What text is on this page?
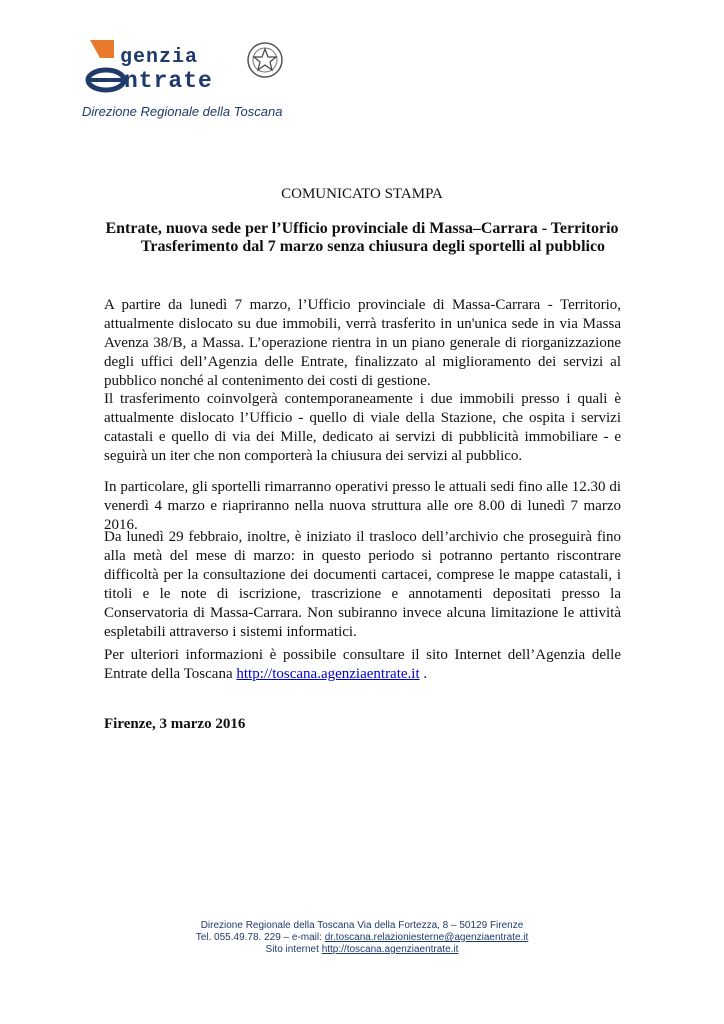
genzia
ntrate
Direzione Regionale della Toscana
COMUNICATO STAMPA
Entrate, nuova sede per l’Ufficio provinciale di Massa–Carrara - Territorio
Trasferimento dal 7 marzo senza chiusura degli sportelli al pubblico
A partire da lunedì 7 marzo, l’Ufficio provinciale di Massa-Carrara - Territorio, attualmente dislocato su due immobili, verrà trasferito in un'unica sede in via Massa Avenza 38/B, a Massa. L’operazione rientra in un piano generale di riorganizzazione degli uffici dell’Agenzia delle Entrate, finalizzato al miglioramento dei servizi al pubblico nonché al contenimento dei costi di gestione.
Il trasferimento coinvolgerà contemporaneamente i due immobili presso i quali è attualmente dislocato l’Ufficio - quello di viale della Stazione, che ospita i servizi catastali e quello di via dei Mille, dedicato ai servizi di pubblicità immobiliare - e seguirà un iter che non comporterà la chiusura dei servizi al pubblico.
In particolare, gli sportelli rimarranno operativi presso le attuali sedi fino alle 12.30 di venerdì 4 marzo e riapriranno nella nuova struttura alle ore 8.00 di lunedì 7 marzo 2016.
Da lunedì 29 febbraio, inoltre, è iniziato il trasloco dell’archivio che proseguirà fino alla metà del mese di marzo: in questo periodo si potranno pertanto riscontrare difficoltà per la consultazione dei documenti cartacei, comprese le mappe catastali, i titoli e le note di iscrizione, trascrizione e annotamenti depositati presso la Conservatoria di Massa-Carrara. Non subiranno invece alcuna limitazione le attività espletabili attraverso i sistemi informatici.
Per ulteriori informazioni è possibile consultare il sito Internet dell’Agenzia delle Entrate della Toscana http://toscana.agenziaentrate.it .
Firenze, 3 marzo 2016
Direzione Regionale della Toscana Via della Fortezza, 8 – 50129 Firenze
Tel. 055.49.78. 229 – e-mail: dr.toscana.relazioniesterne@agenziaentrate.it
Sito internet http://toscana.agenziaentrate.it
